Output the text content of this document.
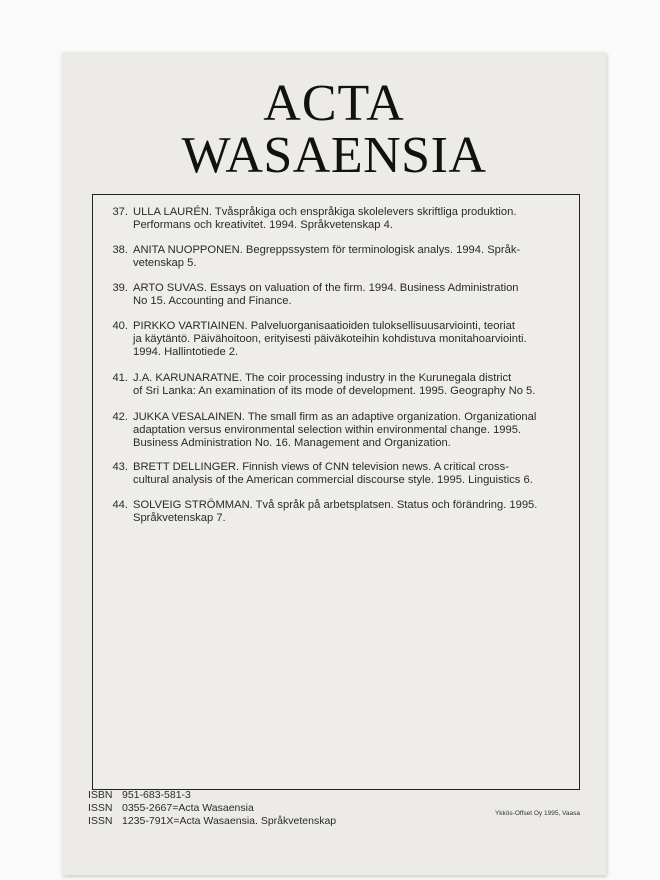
ACTA
WASAENSIA
37. ULLA LAURÉN. Tvåspråkiga och enspråkiga skolelevers skriftliga produktion.
Performans och kreativitet. 1994. Språkvetenskap 4.
38. ANITA NUOPPONEN. Begreppssystem för terminologisk analys. 1994. Språk-
vetenskap 5.
39. ARTO SUVAS. Essays on valuation of the firm. 1994. Business Administration
No 15. Accounting and Finance.
40. PIRKKO VARTIAINEN. Palveluorganisaatioiden tuloksellisuusarviointi, teoriat
ja käytäntö. Päivähoitoon, erityisesti päiväkoteihin kohdistuva monitahoarviointi.
1994. Hallintotiede 2.
41. J.A. KARUNARATNE. The coir processing industry in the Kurunegala district
of Sri Lanka: An examination of its mode of development. 1995. Geography No 5.
42. JUKKA VESALAINEN. The small firm as an adaptive organization. Organizational
adaptation versus environmental selection within environmental change. 1995.
Business Administration No. 16. Management and Organization.
43. BRETT DELLINGER. Finnish views of CNN television news. A critical cross-
cultural analysis of the American commercial discourse style. 1995. Linguistics 6.
44. SOLVEIG STRÖMMAN. Två språk på arbetsplatsen. Status och förändring. 1995.
Språkvetenskap 7.
ISBN 951-683-581-3
ISSN 0355-2667=Acta Wasaensia
ISSN 1235-791X=Acta Wasaensia. Språkvetenskap
Ykkös-Offset Oy 1995, Vaasa
